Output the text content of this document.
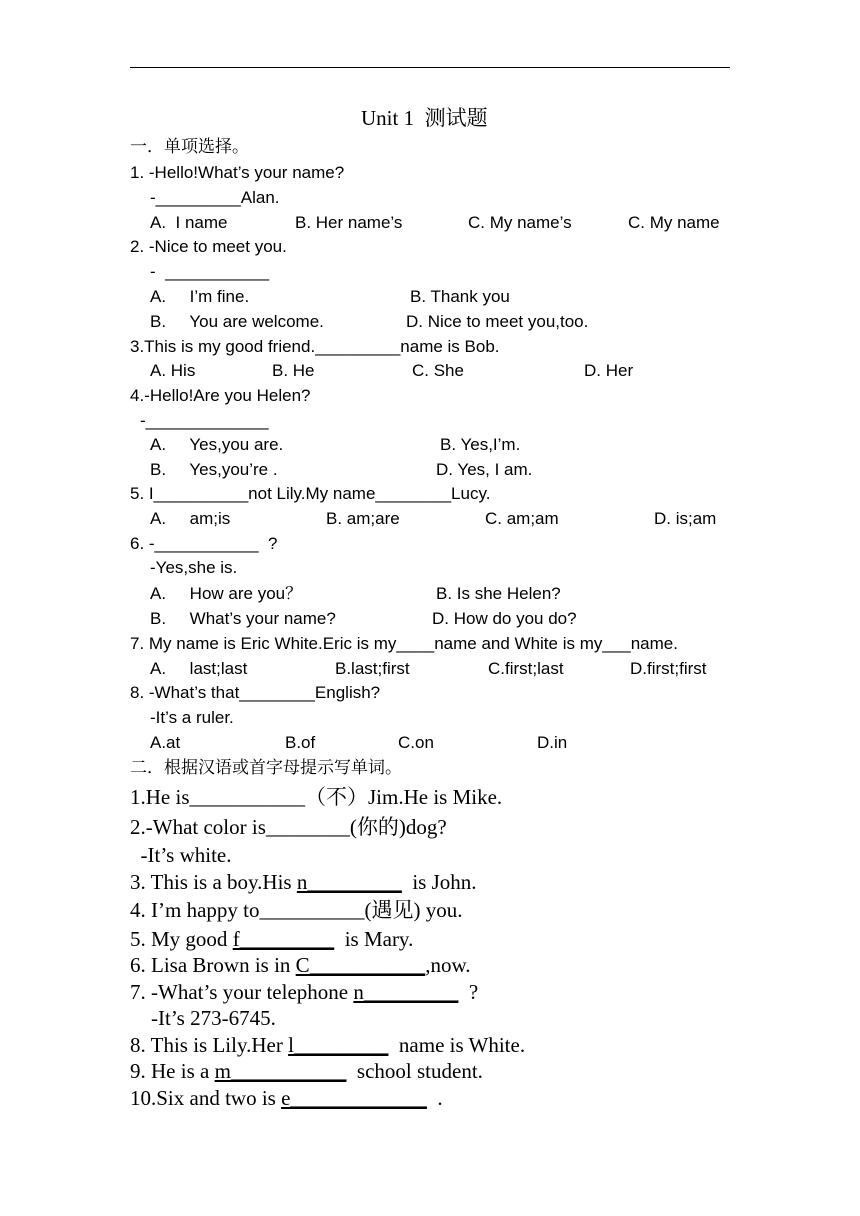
Unit 1  测试题
一．单项选择。
1. -Hello!What’s your name?
-_________Alan.
A.  I name	B. Her name’s	C. My name’s	C. My name
2. -Nice to meet you.
-  ___________
A.     I’m fine.	B. Thank you
B.     You are welcome.	D. Nice to meet you,too.
3.This is my good friend._________name is Bob.
A. His	B. He	C. She	D. Her
4.-Hello!Are you Helen?
-_____________
A.     Yes,you are.	B. Yes,I’m.
B.     Yes,you’re .	D. Yes, I am.
5. I__________not Lily.My name________Lucy.
A.     am;is	B. am;are	C. am;am	D. is;am
6. -___________  ?
-Yes,she is.
A.     How are you？	B. Is she Helen?
B.     What’s your name?	D. How do you do?
7. My name is Eric White.Eric is my____name and White is my___name.
A.     last;last	B.last;first	C.first;last	D.first;first
8. -What’s that________English?
-It’s a ruler.
A.at	B.of	C.on	D.in
二．根据汉语或首字母提示写单词。
1.He is___________（不）Jim.He is Mike.
2.-What color is________(你的)dog?
-It’s white.
3. This is a boy.His n_________  is John.
4. I’m happy to__________(遇见) you.
5. My good f_________  is Mary.
6. Lisa Brown is in C___________,now.
7. -What’s your telephone n_________  ?
-It’s 273-6745.
8. This is Lily.Her l_________  name is White.
9. He is a m___________  school student.
10.Six and two is e_____________  .
